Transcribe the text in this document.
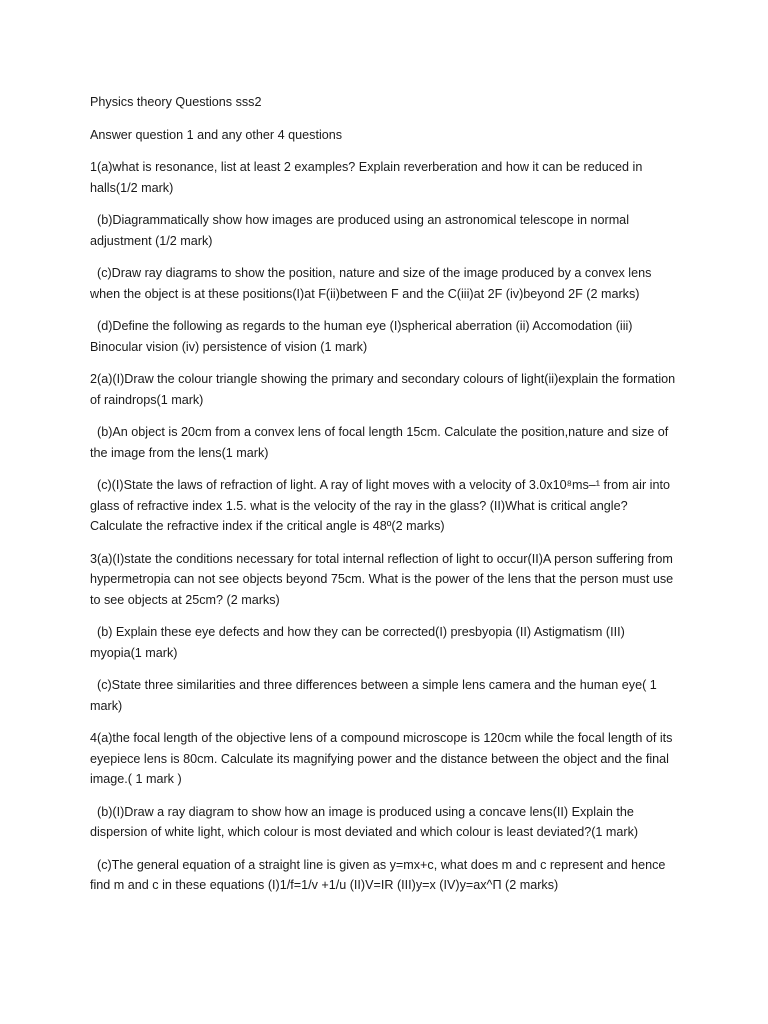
Physics theory Questions sss2

Answer question 1 and any other 4 questions

1(a)what is resonance, list at least 2 examples? Explain reverberation and how it can be reduced in halls(1/2 mark)

(b)Diagrammatically show how images are produced using an astronomical telescope in normal adjustment (1/2 mark)

(c)Draw ray diagrams to show the position, nature and size of the image produced by a convex lens when the object is at these positions(I)at F(ii)between F and the C(iii)at 2F (iv)beyond 2F (2 marks)

(d)Define the following as regards to the human eye (I)spherical aberration (ii) Accomodation (iii) Binocular vision (iv) persistence of vision (1 mark)

2(a)(I)Draw the colour triangle showing the primary and secondary colours of light(ii)explain the formation of raindrops(1 mark)

(b)An object is 20cm from a convex lens of focal length 15cm. Calculate the position,nature and size of the image from the lens(1 mark)

(c)(I)State the laws of refraction of light. A ray of light moves with a velocity of 3.0x10⁸ms–¹ from air into glass of refractive index 1.5. what is the velocity of the ray in the glass? (II)What is critical angle? Calculate the refractive index if the critical angle is 48º(2 marks)

3(a)(I)state the conditions necessary for total internal reflection of light to occur(II)A person suffering from hypermetropia can not see objects beyond 75cm. What is the power of the lens that the person must use to see objects at 25cm? (2 marks)

(b) Explain these eye defects and how they can be corrected(I) presbyopia (II) Astigmatism (III) myopia(1 mark)

(c)State three similarities and three differences between a simple lens camera and the human eye( 1 mark)

4(a)the focal length of the objective lens of a compound microscope is 120cm while the focal length of its eyepiece lens is 80cm. Calculate its magnifying power and the distance between the object and the final image.( 1 mark )

(b)(I)Draw a ray diagram to show how an image is produced using a concave lens(II) Explain the dispersion of white light, which colour is most deviated and which colour is least deviated?(1 mark)

(c)The general equation of a straight line is given as y=mx+c, what does m and c represent and hence find m and c in these equations (I)1/f=1/v +1/u (II)V=IR (III)y=x (IV)y=ax^Π (2 marks)
